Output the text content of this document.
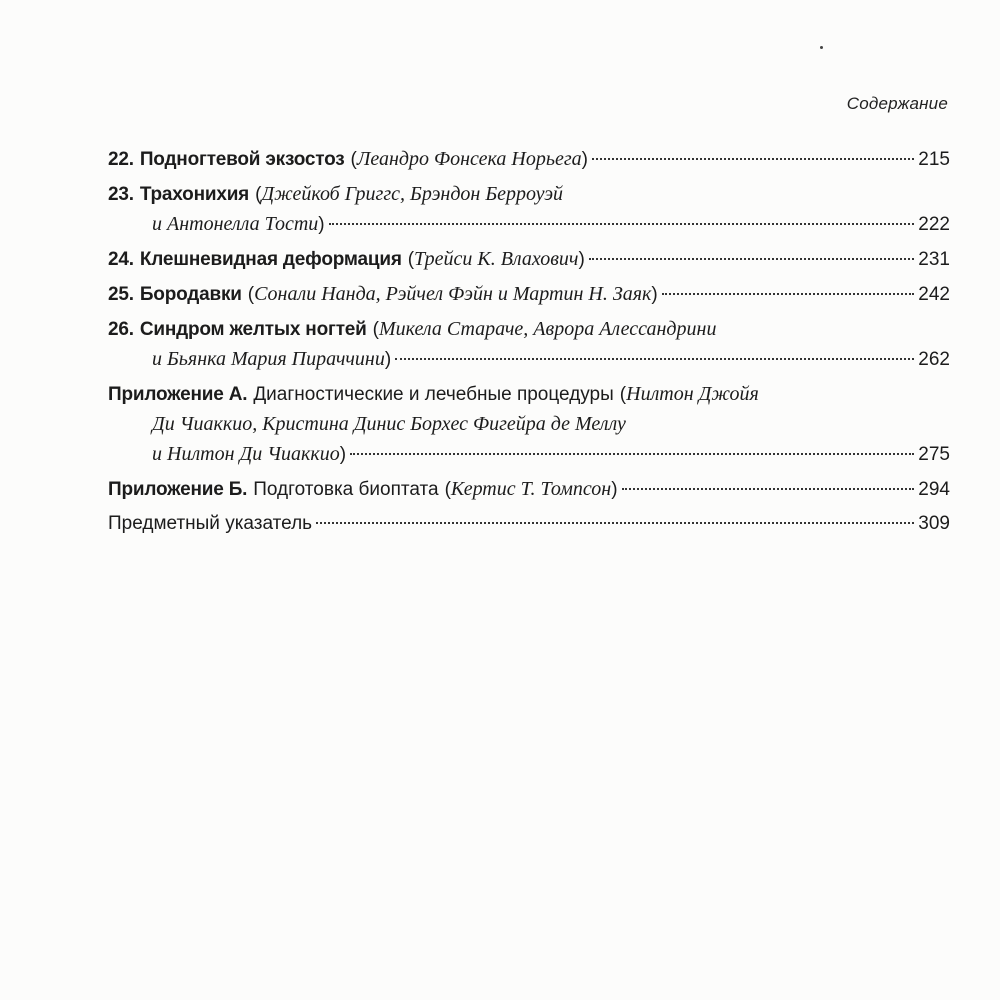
Содержание
22. Подногтевой экзостоз ( Леандро Фонсека Норьега )	215
23. Трахонихия ( Джейкоб Григгс, Брэндон Берроуэй
и Антонелла Тости )	222
24. Клешневидная деформация ( Трейси К. Влахович )	231
25. Бородавки ( Сонали Нанда, Рэйчел Фэйн и Мартин Н. Заяк )	242
26. Синдром желтых ногтей ( Микела Стараче, Аврора Алессандрини
и Бьянка Мария Пираччини )	262
Приложение А. Диагностические и лечебные процедуры ( Нилтон Джойя
Ди Чиаккио, Кристина Динис Борхес Фигейра де Меллу
и Нилтон Ди Чиаккио )	275
Приложение Б. Подготовка биоптата ( Кертис Т. Томпсон )	294
Предметный указатель	309
